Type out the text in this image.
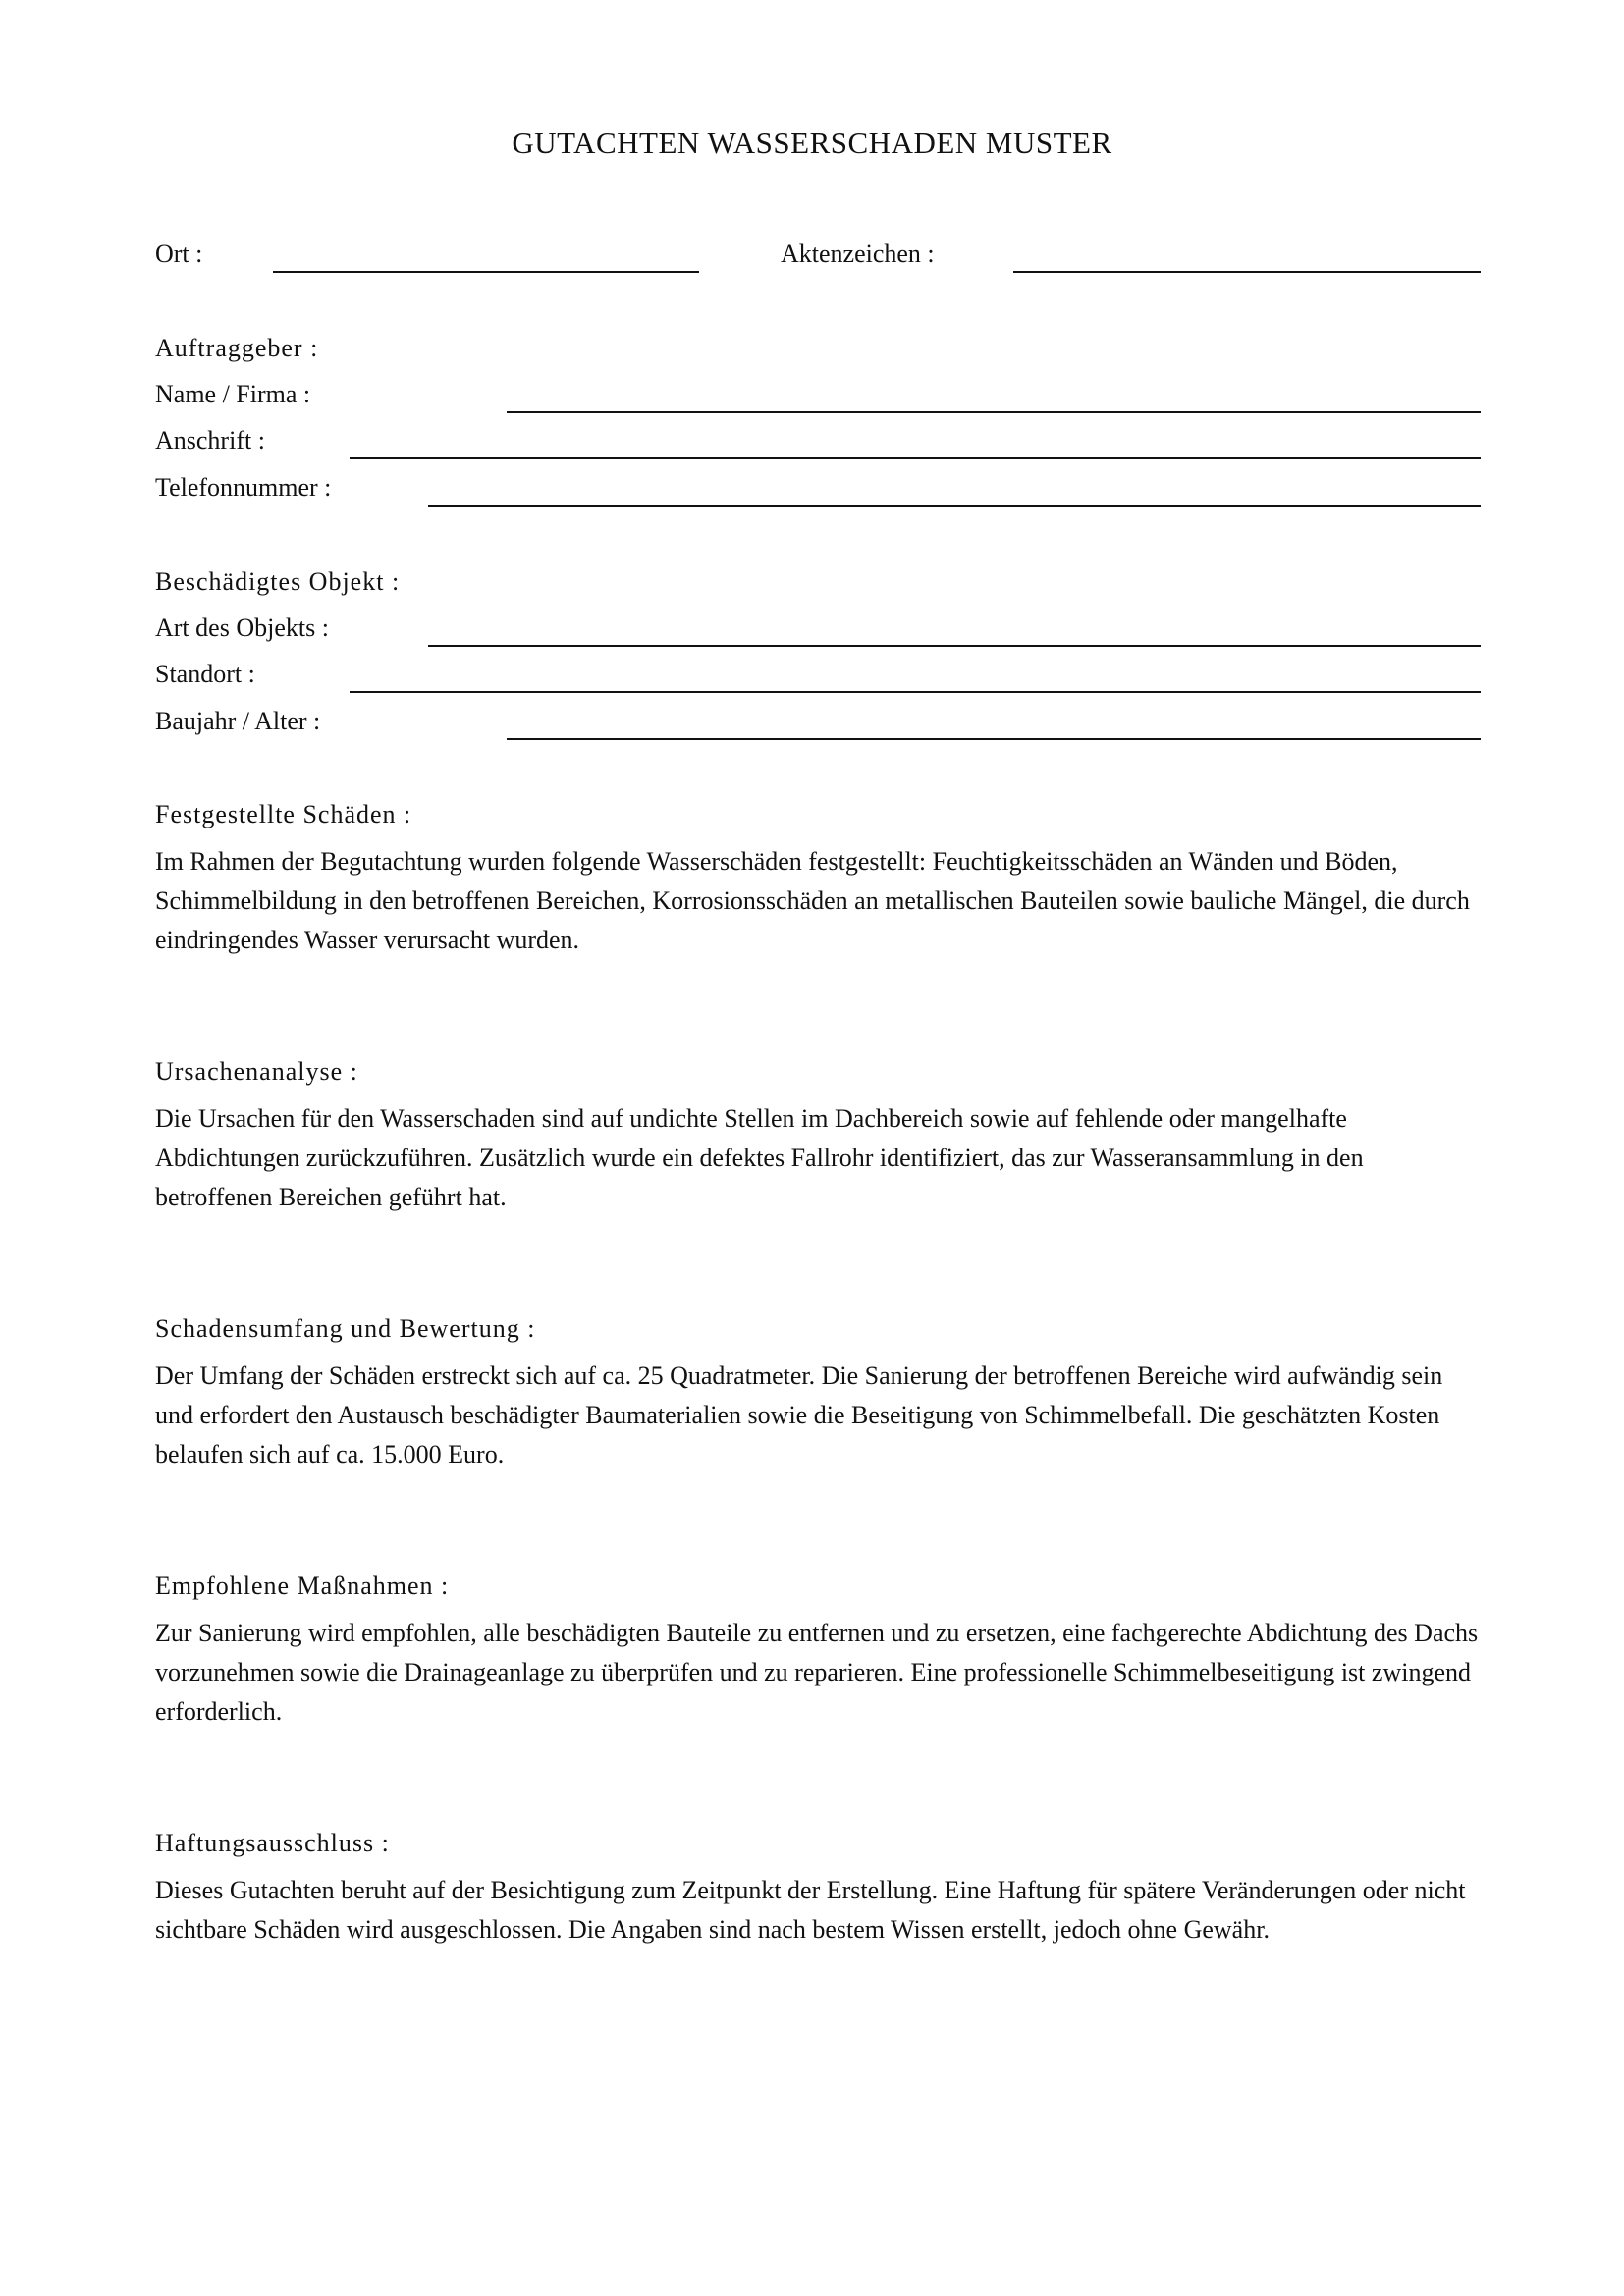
GUTACHTEN WASSERSCHADEN MUSTER
Ort :	Aktenzeichen :
Auftraggeber :
Name / Firma :
Anschrift :
Telefonnummer :
Beschädigtes Objekt :
Art des Objekts :
Standort :
Baujahr / Alter :
Festgestellte Schäden :
Im Rahmen der Begutachtung wurden folgende Wasserschäden festgestellt: Feuchtigkeitsschäden an Wänden und Böden, Schimmelbildung in den betroffenen Bereichen, Korrosionsschäden an metallischen Bauteilen sowie bauliche Mängel, die durch eindringendes Wasser verursacht wurden.
Ursachenanalyse :
Die Ursachen für den Wasserschaden sind auf undichte Stellen im Dachbereich sowie auf fehlende oder mangelhafte Abdichtungen zurückzuführen. Zusätzlich wurde ein defektes Fallrohr identifiziert, das zur Wasseransammlung in den betroffenen Bereichen geführt hat.
Schadensumfang und Bewertung :
Der Umfang der Schäden erstreckt sich auf ca. 25 Quadratmeter. Die Sanierung der betroffenen Bereiche wird aufwändig sein und erfordert den Austausch beschädigter Baumaterialien sowie die Beseitigung von Schimmelbefall. Die geschätzten Kosten belaufen sich auf ca. 15.000 Euro.
Empfohlene Maßnahmen :
Zur Sanierung wird empfohlen, alle beschädigten Bauteile zu entfernen und zu ersetzen, eine fachgerechte Abdichtung des Dachs vorzunehmen sowie die Drainageanlage zu überprüfen und zu reparieren. Eine professionelle Schimmelbeseitigung ist zwingend erforderlich.
Haftungsausschluss :
Dieses Gutachten beruht auf der Besichtigung zum Zeitpunkt der Erstellung. Eine Haftung für spätere Veränderungen oder nicht sichtbare Schäden wird ausgeschlossen. Die Angaben sind nach bestem Wissen erstellt, jedoch ohne Gewähr.
